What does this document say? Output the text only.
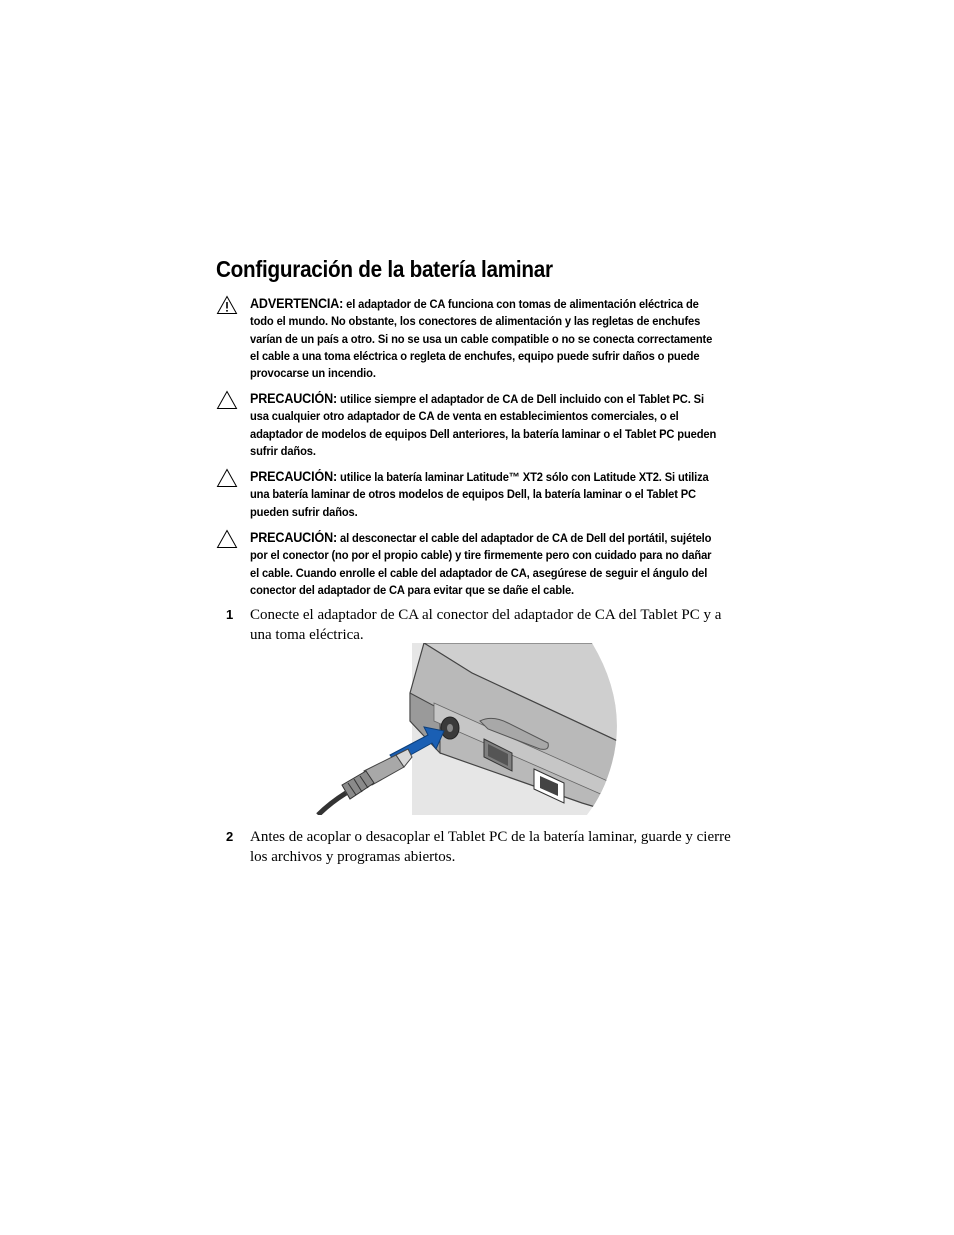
Configuración de la batería laminar
ADVERTENCIA: el adaptador de CA funciona con tomas de alimentación eléctrica de todo el mundo. No obstante, los conectores de alimentación y las regletas de enchufes varían de un país a otro. Si no se usa un cable compatible o no se conecta correctamente el cable a una toma eléctrica o regleta de enchufes, equipo puede sufrir daños o puede provocarse un incendio.
PRECAUCIÓN: utilice siempre el adaptador de CA de Dell incluido con el Tablet PC. Si usa cualquier otro adaptador de CA de venta en establecimientos comerciales, o el adaptador de modelos de equipos Dell anteriores, la batería laminar o el Tablet PC pueden sufrir daños.
PRECAUCIÓN: utilice la batería laminar Latitude™ XT2 sólo con Latitude XT2. Si utiliza una batería laminar de otros modelos de equipos Dell, la batería laminar o el Tablet PC pueden sufrir daños.
PRECAUCIÓN: al desconectar el cable del adaptador de CA de Dell del portátil, sujételo por el conector (no por el propio cable) y tire firmemente pero con cuidado para no dañar el cable. Cuando enrolle el cable del adaptador de CA, asegúrese de seguir el ángulo del conector del adaptador de CA para evitar que se dañe el cable.
1 Conecte el adaptador de CA al conector del adaptador de CA del Tablet PC y a una toma eléctrica.
2 Antes de acoplar o desacoplar el Tablet PC de la batería laminar, guarde y cierre los archivos y programas abiertos.
